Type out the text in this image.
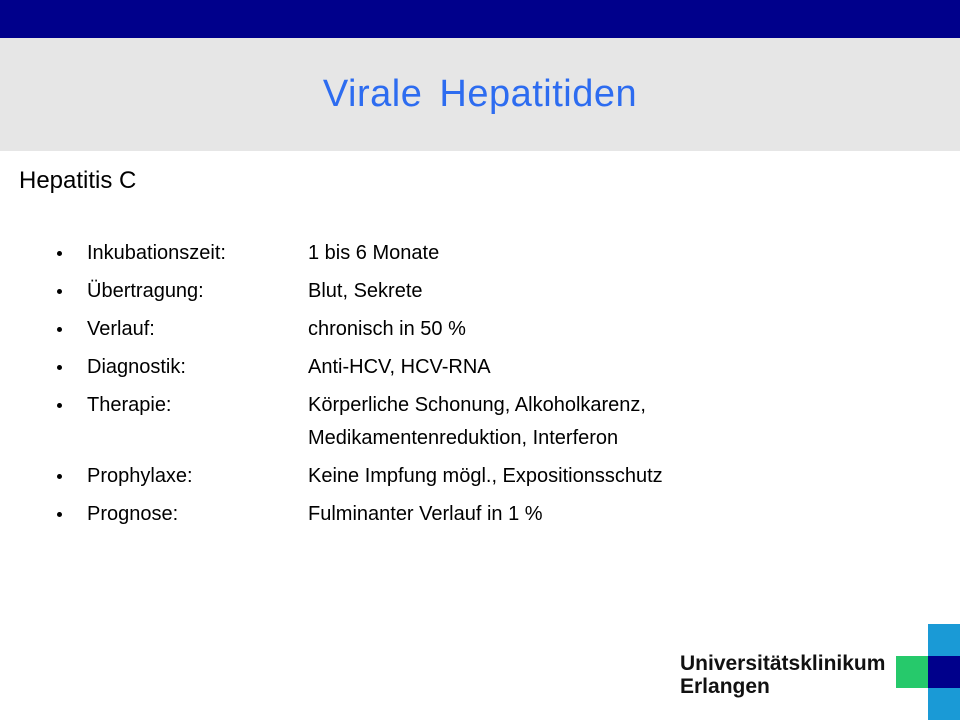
Virale Hepatitiden
Hepatitis C
Inkubationszeit:	1 bis 6 Monate
Übertragung:	Blut, Sekrete
Verlauf:	chronisch in 50 %
Diagnostik:	Anti-HCV, HCV-RNA
Therapie:	Körperliche Schonung, Alkoholkarenz,
Medikamentenreduktion, Interferon
Prophylaxe:	Keine Impfung mögl., Expositionsschutz
Prognose:	Fulminanter Verlauf in 1 %
Universitätsklinikum
Erlangen
